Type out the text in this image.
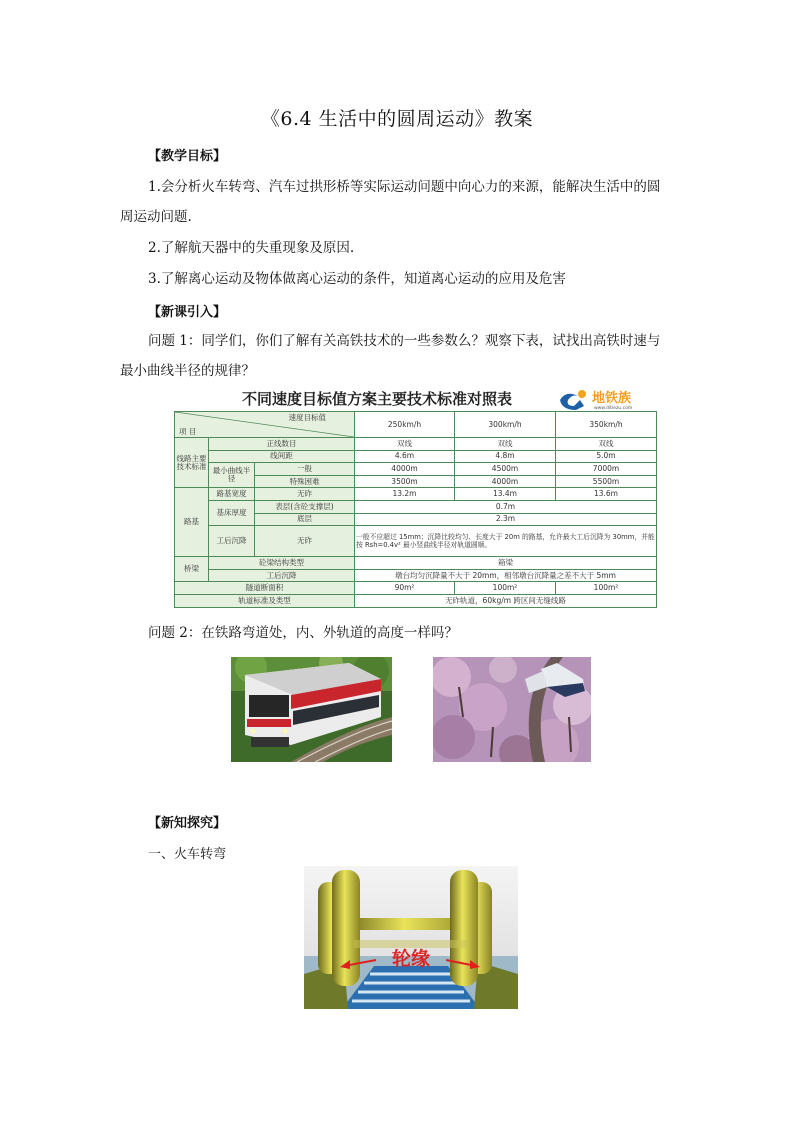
《6.4 生活中的圆周运动》教案
【教学目标】
1.会分析火车转弯、汽车过拱形桥等实际运动问题中向心力的来源，能解决生活中的圆
周运动问题.
2.了解航天器中的失重现象及原因.
3.了解离心运动及物体做离心运动的条件，知道离心运动的应用及危害
【新课引入】
问题 1：同学们，你们了解有关高铁技术的一些参数么？观察下表，试找出高铁时速与
最小曲线半径的规律？
不同速度目标值方案主要技术标准对照表	地铁族
www.ditiezu.com
速度目标值
项 目			250km/h	300km/h	350km/h
线路主要技术标准	正线数目		双线	双线	双线
	线间距		4.6m	4.8m	5.0m
	最小曲线半径	一般	4000m	4500m	7000m
		特殊困难	3500m	4000m	5500m
路基	路基宽度	无砟	13.2m	13.4m	13.6m
	基床厚度	表层(含砼支撑层)	0.7m		
		底层	2.3m		
	工后沉降	无砟	一般不应超过 15mm；沉降比较均匀、长度大于 20m 的路基，允许最大工后沉降为 30mm，并能按 Rsh=0.4v² 最小竖曲线半径对轨道圆顺。		

桥梁	砼梁结构类型		箱梁		
	工后沉降		墩台均匀沉降量不大于 20mm，相邻墩台沉降量之差不大于 5mm		
隧道断面积			90m²	100m²	100m²
轨道标准及类型			无砟轨道，60kg/m 跨区间无缝线路		
问题 2：在铁路弯道处，内、外轨道的高度一样吗？
【新知探究】
一、火车转弯
轮缘
